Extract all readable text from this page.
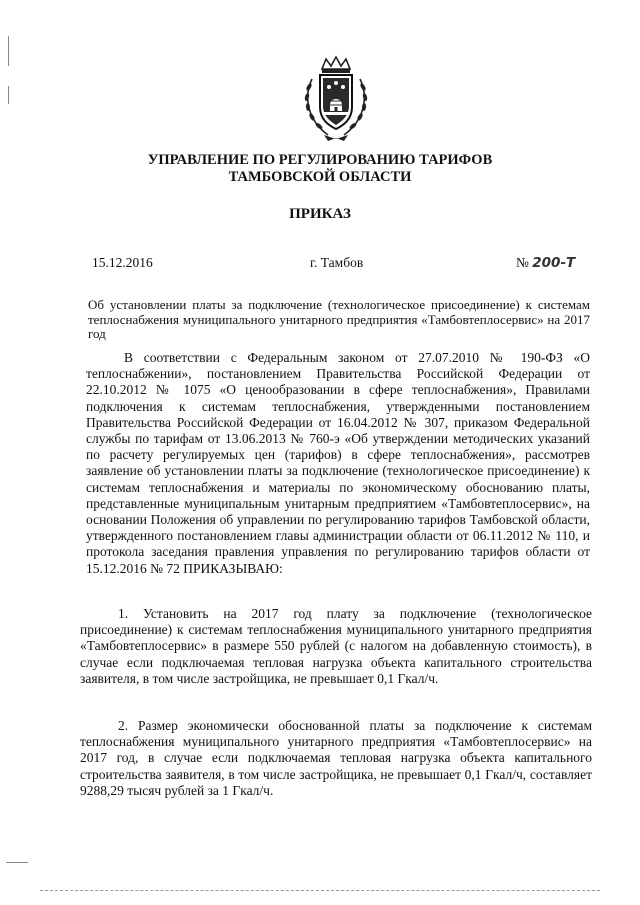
УПРАВЛЕНИЕ ПО РЕГУЛИРОВАНИЮ ТАРИФОВ
ТАМБОВСКОЙ ОБЛАСТИ
ПРИКАЗ
15.12.2016	г. Тамбов	№ 200-Т
Об установлении платы за подключение (технологическое присоединение) к системам теплоснабжения муниципального унитарного предприятия «Тамбовтеплосервис» на 2017 год
В соответствии с Федеральным законом от 27.07.2010 № 190-ФЗ «О теплоснабжении», постановлением Правительства Российской Федерации от 22.10.2012 № 1075 «О ценообразовании в сфере теплоснабжения», Правилами подключения к системам теплоснабжения, утвержденными постановлением Правительства Российской Федерации от 16.04.2012 № 307, приказом Федеральной службы по тарифам от 13.06.2013 № 760-э «Об утверждении методических указаний по расчету регулируемых цен (тарифов) в сфере теплоснабжения», рассмотрев заявление об установлении платы за подключение (технологическое присоединение) к системам теплоснабжения и материалы по экономическому обоснованию платы, представленные муниципальным унитарным предприятием «Тамбовтеплосервис», на основании Положения об управлении по регулированию тарифов Тамбовской области, утвержденного постановлением главы администрации области от 06.11.2012 № 110, и протокола заседания правления управления по регулированию тарифов области от 15.12.2016 № 72 ПРИКАЗЫВАЮ:
1. Установить на 2017 год плату за подключение (технологическое присоединение) к системам теплоснабжения муниципального унитарного предприятия «Тамбовтеплосервис» в размере 550 рублей (с налогом на добавленную стоимость), в случае если подключаемая тепловая нагрузка объекта капитального строительства заявителя, в том числе застройщика, не превышает 0,1 Гкал/ч.
2. Размер экономически обоснованной платы за подключение к системам теплоснабжения муниципального унитарного предприятия «Тамбовтеплосервис» на 2017 год, в случае если подключаемая тепловая нагрузка объекта капитального строительства заявителя, в том числе застройщика, не превышает 0,1 Гкал/ч, составляет 9288,29 тысяч рублей за 1 Гкал/ч.
